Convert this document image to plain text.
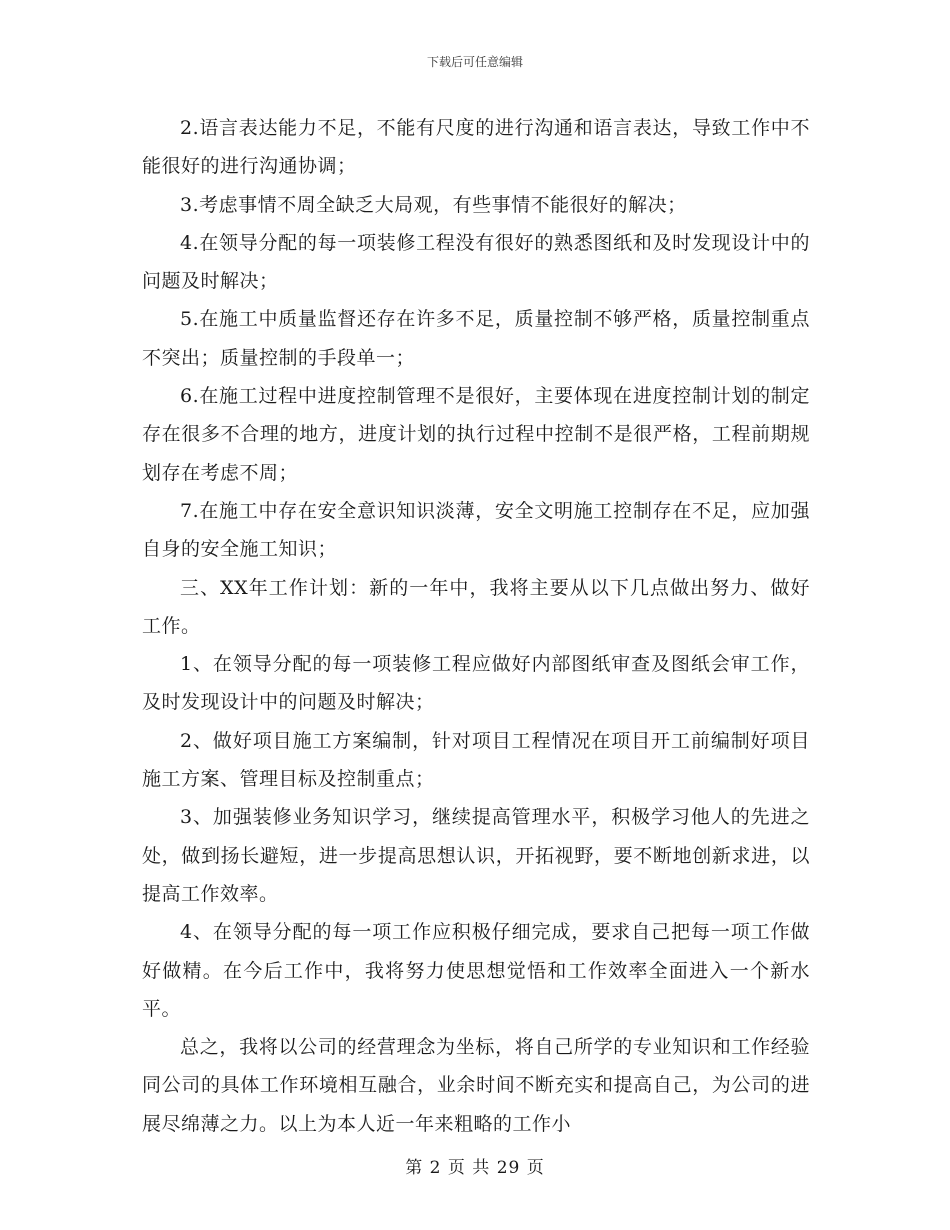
下载后可任意编辑

2.语言表达能力不足，不能有尺度的进行沟通和语言表达，导致工作中不能很好的进行沟通协调；

3.考虑事情不周全缺乏大局观，有些事情不能很好的解决；

4.在领导分配的每一项装修工程没有很好的熟悉图纸和及时发现设计中的问题及时解决；

5.在施工中质量监督还存在许多不足，质量控制不够严格，质量控制重点不突出；质量控制的手段单一；

6.在施工过程中进度控制管理不是很好，主要体现在进度控制计划的制定存在很多不合理的地方，进度计划的执行过程中控制不是很严格，工程前期规划存在考虑不周；

7.在施工中存在安全意识知识淡薄，安全文明施工控制存在不足，应加强自身的安全施工知识；

三、XX年工作计划：新的一年中，我将主要从以下几点做出努力、做好工作。

1、在领导分配的每一项装修工程应做好内部图纸审查及图纸会审工作，及时发现设计中的问题及时解决；

2、做好项目施工方案编制，针对项目工程情况在项目开工前编制好项目施工方案、管理目标及控制重点；

3、加强装修业务知识学习，继续提高管理水平，积极学习他人的先进之处，做到扬长避短，进一步提高思想认识，开拓视野，要不断地创新求进，以提高工作效率。

4、在领导分配的每一项工作应积极仔细完成，要求自己把每一项工作做好做精。在今后工作中，我将努力使思想觉悟和工作效率全面进入一个新水平。

总之，我将以公司的经营理念为坐标，将自己所学的专业知识和工作经验同公司的具体工作环境相互融合，业余时间不断充实和提高自己，为公司的进展尽绵薄之力。以上为本人近一年来粗略的工作小

第 2 页 共 29 页
